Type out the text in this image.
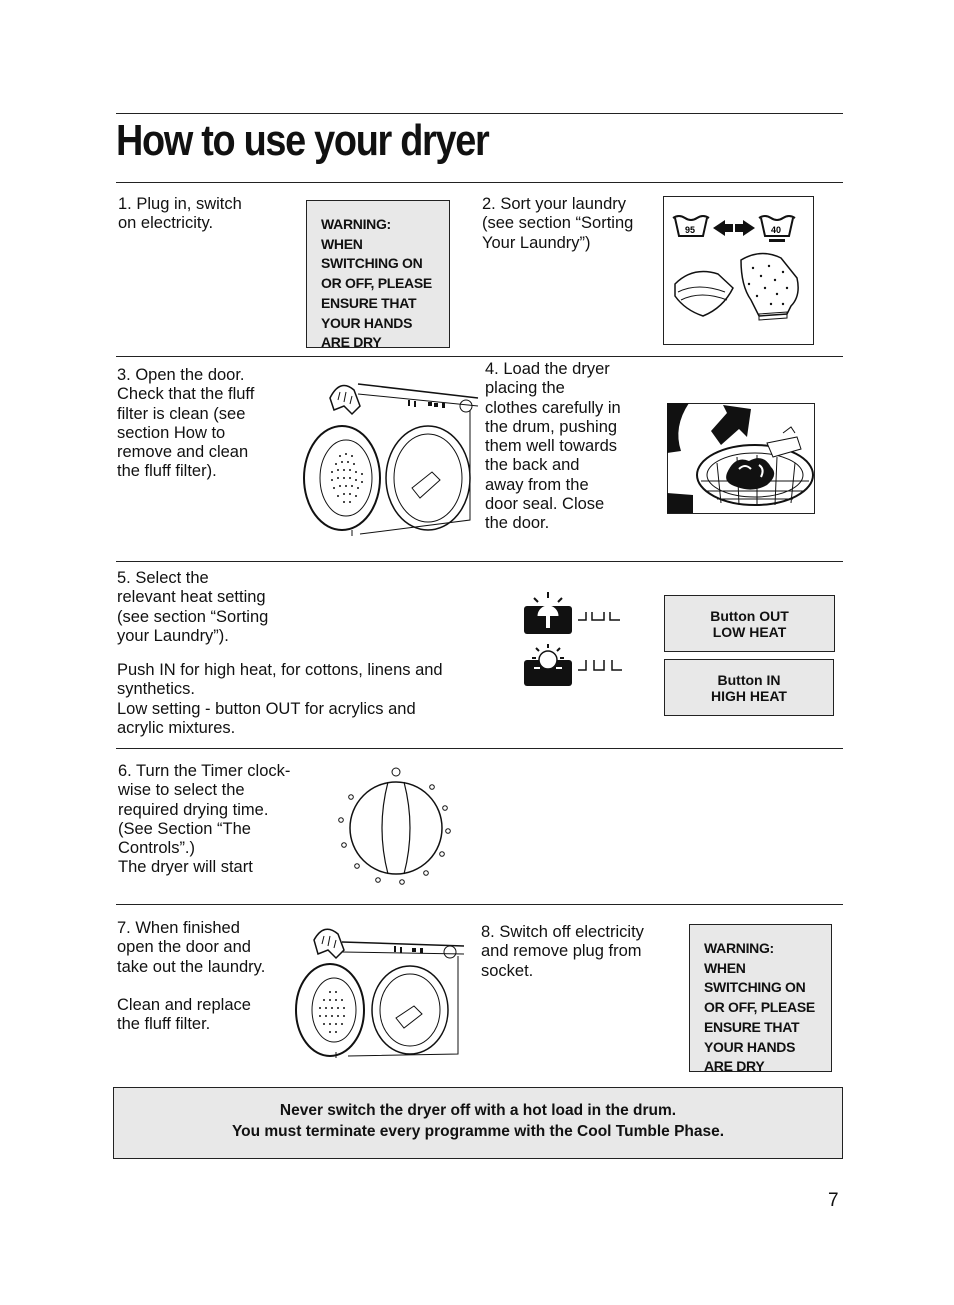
How to use your dryer
1. Plug in, switch
on electricity.	WARNING: WHEN
SWITCHING ON
OR OFF, PLEASE
ENSURE THAT
YOUR HANDS
ARE DRY
2. Sort your laundry
(see section “Sorting
Your Laundry”)
95	40
3. Open the door.
Check that the fluff
filter is clean (see
section How to
remove and clean
the fluff filter).
4. Load the dryer
placing the
clothes carefully in
the drum, pushing
them well towards
the back and
away from the
door seal. Close
the door.
5. Select the
relevant heat setting
(see section “Sorting
your Laundry”).
Push IN for high heat, for cottons, linens and
synthetics.
Low setting - button OUT for acrylics and
acrylic mixtures.
Button OUT
LOW HEAT
Button IN
HIGH HEAT
6. Turn the Timer clock-
wise to select the
required drying time.
(See Section “The
Controls”.)
The dryer will start
7. When finished
open the door and
take out the laundry.
Clean and replace
the fluff filter.
8. Switch off electricity
and remove plug from
socket.
WARNING: WHEN
SWITCHING ON
OR OFF, PLEASE
ENSURE THAT
YOUR HANDS
ARE DRY
Never switch the dryer off with a hot load in the drum.
You must terminate every programme with the Cool Tumble Phase.
7
